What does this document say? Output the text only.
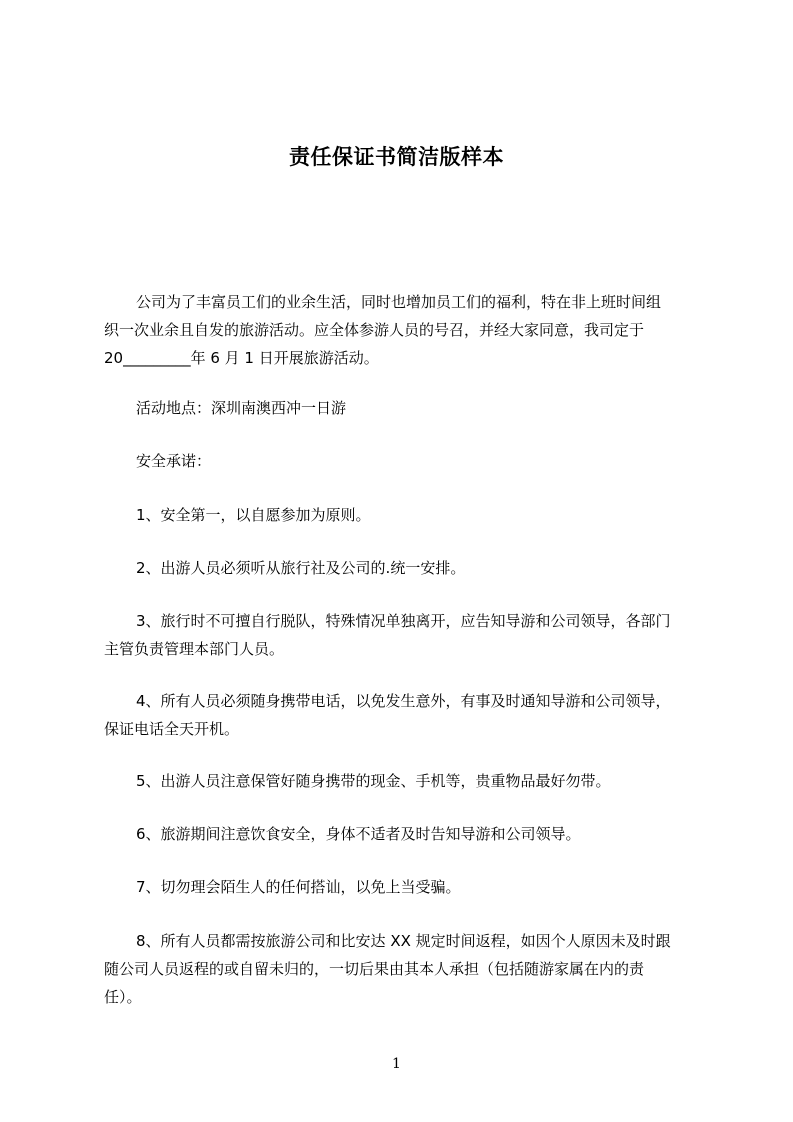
责任保证书简洁版样本

公司为了丰富员工们的业余生活，同时也增加员工们的福利，特在非上班时间组
织一次业余且自发的旅游活动。应全体参游人员的号召，并经大家同意，我司定于
20_________年 6 月 1 日开展旅游活动。

活动地点：深圳南澳西冲一日游

安全承诺：

1、安全第一，以自愿参加为原则。

2、出游人员必须听从旅行社及公司的.统一安排。

3、旅行时不可擅自行脱队，特殊情况单独离开，应告知导游和公司领导，各部门
主管负责管理本部门人员。

4、所有人员必须随身携带电话，以免发生意外，有事及时通知导游和公司领导，
保证电话全天开机。

5、出游人员注意保管好随身携带的现金、手机等，贵重物品最好勿带。

6、旅游期间注意饮食安全，身体不适者及时告知导游和公司领导。

7、切勿理会陌生人的任何搭讪，以免上当受骗。

8、所有人员都需按旅游公司和比安达 XX 规定时间返程，如因个人原因未及时跟
随公司人员返程的或自留未归的，一切后果由其本人承担（包括随游家属在内的责
任）。

1
